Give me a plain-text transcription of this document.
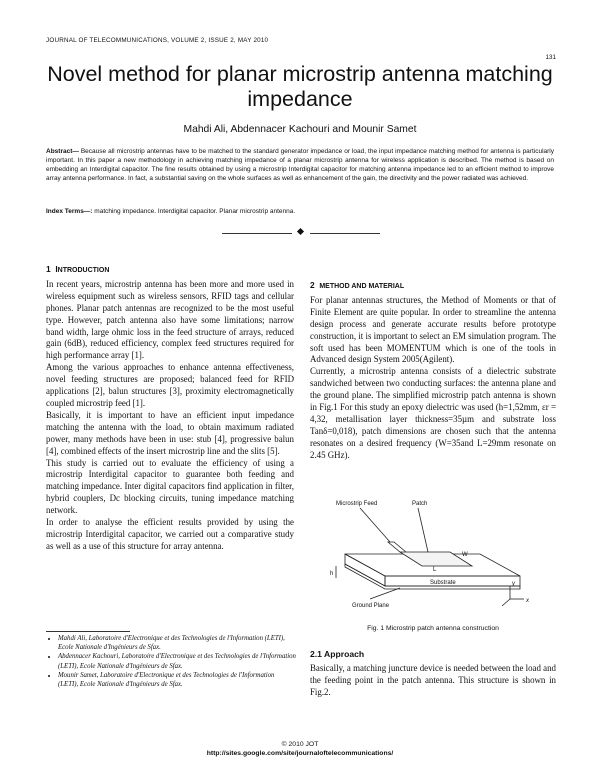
JOURNAL OF TELECOMMUNICATIONS, VOLUME 2, ISSUE 2, MAY 2010
131
Novel method for planar microstrip antenna matching impedance
Mahdi Ali, Abdennacer Kachouri and Mounir Samet
Abstract— Because all microstrip antennas have to be matched to the standard generator impedance or load, the input impedance matching method for antenna is particularly important. In this paper a new methodology in achieving matching impedance of a planar microstrip antenna for wireless application is described. The method is based on embedding an Interdigital capacitor. The fine results obtained by using a microstrip Interdigital capacitor for matching antenna impedance led to an efficient method to improve array antenna performance. In fact, a substantial saving on the whole surfaces as well as enhancement of the gain, the directivity and the power radiated was achieved.
Index Terms—: matching impedance. Interdigital capacitor. Planar microstrip antenna.
1 INTRODUCTION

In recent years, microstrip antenna has been more and more used in wireless equipment such as wireless sensors, RFID tags and cellular phones. Planar patch antennas are recognized to be the most useful type. However, patch antenna also have some limitations; narrow band width, large ohmic loss in the feed structure of arrays, reduced gain (6dB), reduced efficiency, complex feed structures required for high performance array [1].

Among the various approaches to enhance antenna effectiveness, novel feeding structures are proposed; balanced feed for RFID applications [2], balun structures [3], proximity electromagnetically coupled microstrip feed [1].

Basically, it is important to have an efficient input impedance matching the antenna with the load, to obtain maximum radiated power, many methods have been in use: stub [4], progressive balun [4], combined effects of the insert microstrip line and the slits [5].

This study is carried out to evaluate the efficiency of using a microstrip Interdigital capacitor to guarantee both feeding and matching impedance. Inter digital capacitors find application in filter, hybrid couplers, Dc blocking circuits, tuning impedance matching network.

In order to analyse the efficient results provided by using the microstrip Interdigital capacitor, we carried out a comparative study as well as a use of this structure for array antenna.

2 METHOD AND MATERIAL

For planar antennas structures, the Method of Moments or that of Finite Element are quite popular. In order to streamline the antenna design process and generate accurate results before prototype construction, it is important to select an EM simulation program. The soft used has been MOMENTUM which is one of the tools in Advanced design System 2005(Agilent).

Currently, a microstrip antenna consists of a dielectric substrate sandwiched between two conducting surfaces: the antenna plane and the ground plane. The simplified microstrip patch antenna is shown in Fig.1 For this study an epoxy dielectric was used (h=1,52mm, εr = 4,32, metallisation layer thickness=35µm and substrate loss Tanδ=0,018), patch dimensions are chosen such that the antenna resonates on a desired frequency (W=35and L=29mm resonate on 2.45 GHz).

Microstrip Feed	Patch
W
L
h
Substrate
Ground Plane
y
x
Fig. 1 Microstrip patch antenna construction
2.1 Approach

Basically, a matching juncture device is needed between the load and the feeding point in the patch antenna. This structure is shown in Fig.2.

• Mahdi Ali, Laboratoire d'Electronique et des Technologies de l'Information (LETI), Ecole Nationale d'Ingénieurs de Sfax.
• Abdennacer Kachouri, Laboratoire d'Electronique et des Technologies de l'Information (LETI), Ecole Nationale d'Ingénieurs de Sfax.
• Mounir Samet, Laboratoire d'Electronique et des Technologies de l'Information (LETI), Ecole Nationale d'Ingénieurs de Sfax.
© 2010 JOT
http://sites.google.com/site/journaloftelecommunications/
